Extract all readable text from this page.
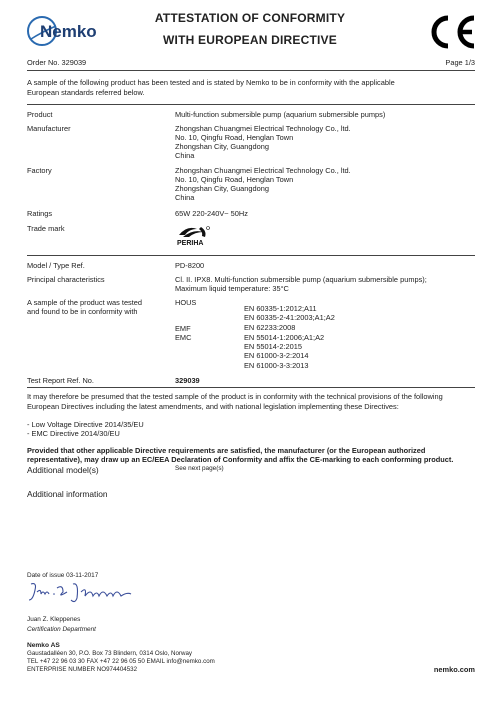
Nemko
ATTESTATION OF CONFORMITY
WITH EUROPEAN DIRECTIVE
Order No. 329039	Page 1/3
A sample of the following product has been tested and is stated by Nemko to be in conformity with the applicable
European standards referred below.
Product	Multi-function submersible pump (aquarium submersible pumps)
Manufacturer	Zhongshan Chuangmei Electrical Technology Co., ltd.
No. 10, Qingfu Road, Henglan Town
Zhongshan City, Guangdong
China
Factory	Zhongshan Chuangmei Electrical Technology Co., ltd.
No. 10, Qingfu Road, Henglan Town
Zhongshan City, Guangdong
China
Ratings	65W 220-240V~ 50Hz
Trade mark
PERIHA
Model / Type Ref.	PD-8200
Principal characteristics	Cl. II. IPX8. Multi-function submersible pump (aquarium submersible pumps);
Maximum liquid temperature: 35°C
A sample of the product was tested
and found to be in conformity with
HOUS
EN 60335-1:2012;A11
EN 60335-2-41:2003;A1;A2
EMF	EN 62233:2008
EMC	EN 55014-1:2006;A1;A2
EN 55014-2:2015
EN 61000-3-2:2014
EN 61000-3-3:2013
Test Report Ref. No.	329039
It may therefore be presumed that the tested sample of the product is in conformity with the technical provisions of the following
European Directives including the latest amendments, and with national legislation implementing these Directives:
- Low Voltage Directive 2014/35/EU
- EMC Directive 2014/30/EU
Provided that other applicable Directive requirements are satisfied, the manufacturer (or the European authorized
representative), may draw up an EC/EEA Declaration of Conformity and affix the CE-marking to each conforming product.
Additional model(s)	See next page(s)
Additional information
Date of issue 03-11-2017
Juan Z. Kleppenes
Certification Department
Nemko AS
Gaustadalléen 30, P.O. Box 73 Blindern, 0314 Oslo, Norway
TEL +47 22 96 03 30 FAX +47 22 96 05 50 EMAIL info@nemko.com
ENTERPRISE NUMBER NO974404532	nemko.com
